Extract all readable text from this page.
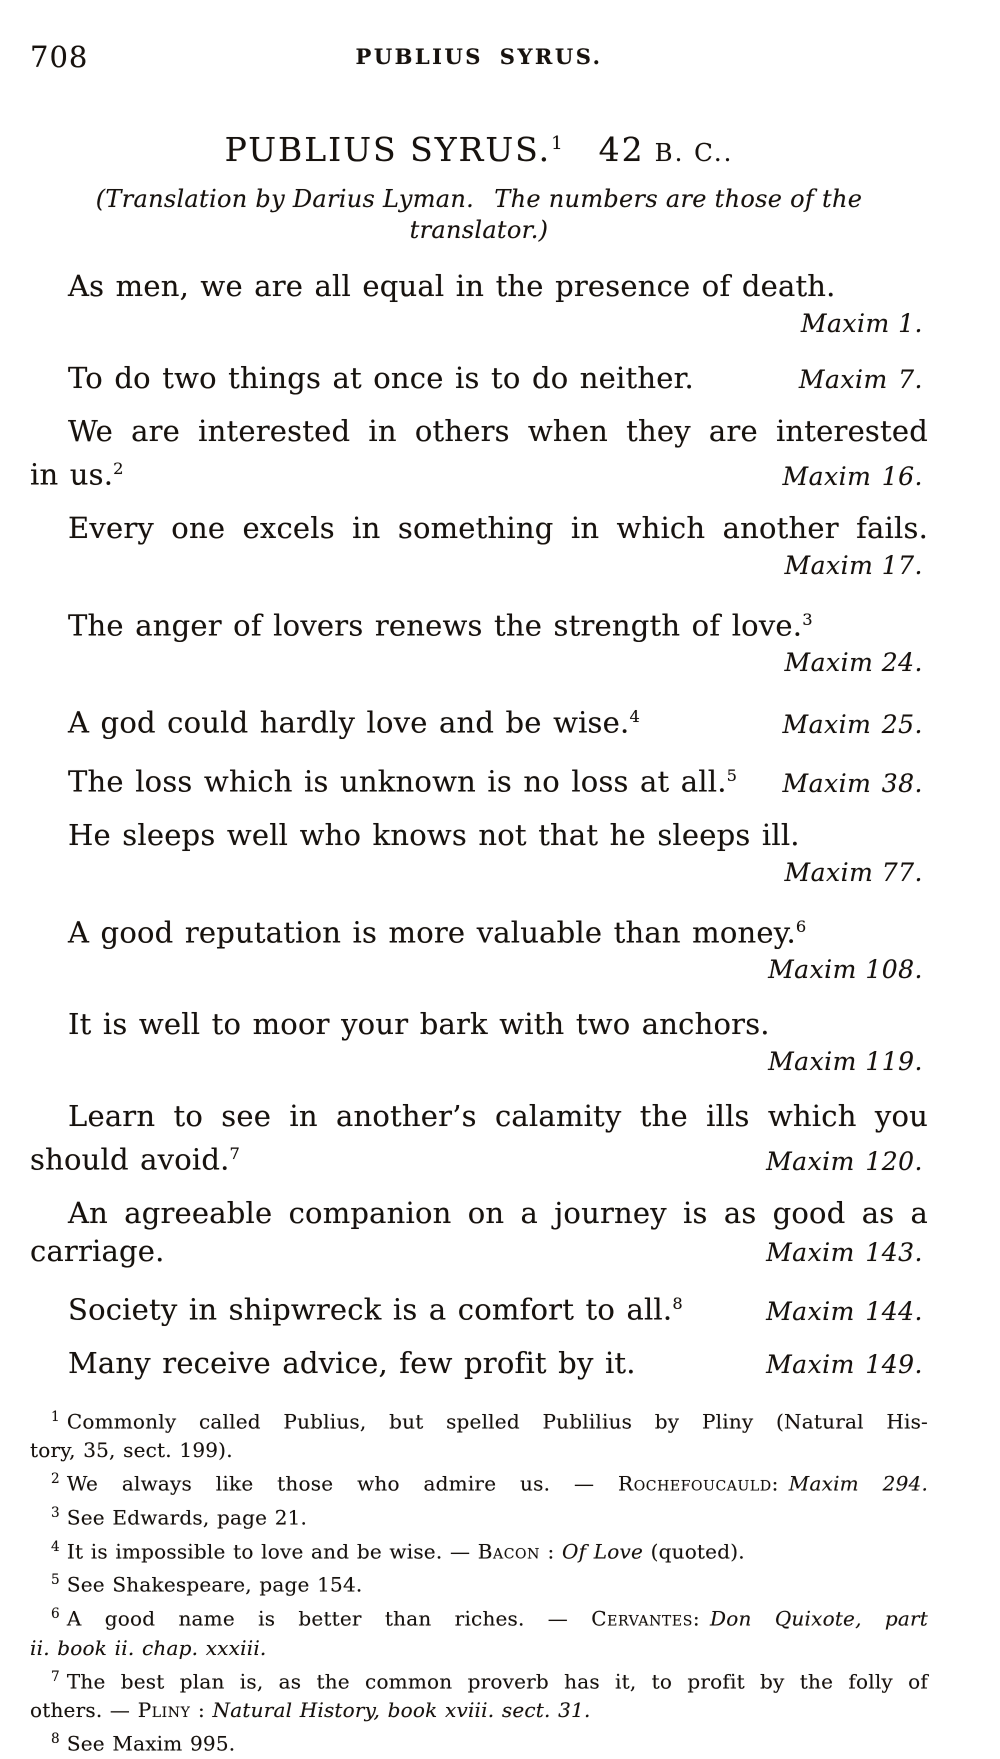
708	PUBLIUS SYRUS.
PUBLIUS SYRUS.$^1$ 42 B. C..
(Translation by Darius Lyman.  The numbers are those of the
translator.)
As men, we are all equal in the presence of death.
Maxim 1.
To do two things at once is to do neither.	Maxim 7.
We are interested in others when they are interested
in us.$^2$	Maxim 16.
Every one excels in something in which another fails.
Maxim 17.
The anger of lovers renews the strength of love.$^3$
Maxim 24.
A god could hardly love and be wise.$^4$	Maxim 25.
The loss which is unknown is no loss at all.$^5$ Maxim 38.
He sleeps well who knows not that he sleeps ill.
Maxim 77.
A good reputation is more valuable than money.$^6$
Maxim 108.
It is well to moor your bark with two anchors.
Maxim 119.
Learn to see in another’s calamity the ills which you
should avoid.$^7$	Maxim 120.
An agreeable companion on a journey is as good as a
carriage.	Maxim 143.
Society in shipwreck is a comfort to all.$^8$	Maxim 144.
Many receive advice, few profit by it.	Maxim 149.
$^1$ Commonly called Publius, but spelled Publilius by Pliny (Natural His-
tory, 35, sect. 199).
$^2$ We always like those who admire us. — Rochefoucauld: Maxim 294.
$^3$ See Edwards, page 21.
$^4$ It is impossible to love and be wise. — Bacon : Of Love (quoted).
$^5$ See Shakespeare, page 154.
$^6$ A good name is better than riches. — Cervantes: Don Quixote, part
ii. book ii. chap. xxxiii.
$^7$ The best plan is, as the common proverb has it, to profit by the folly of
others. — Pliny : Natural History, book xviii. sect. 31.
$^8$ See Maxim 995.
